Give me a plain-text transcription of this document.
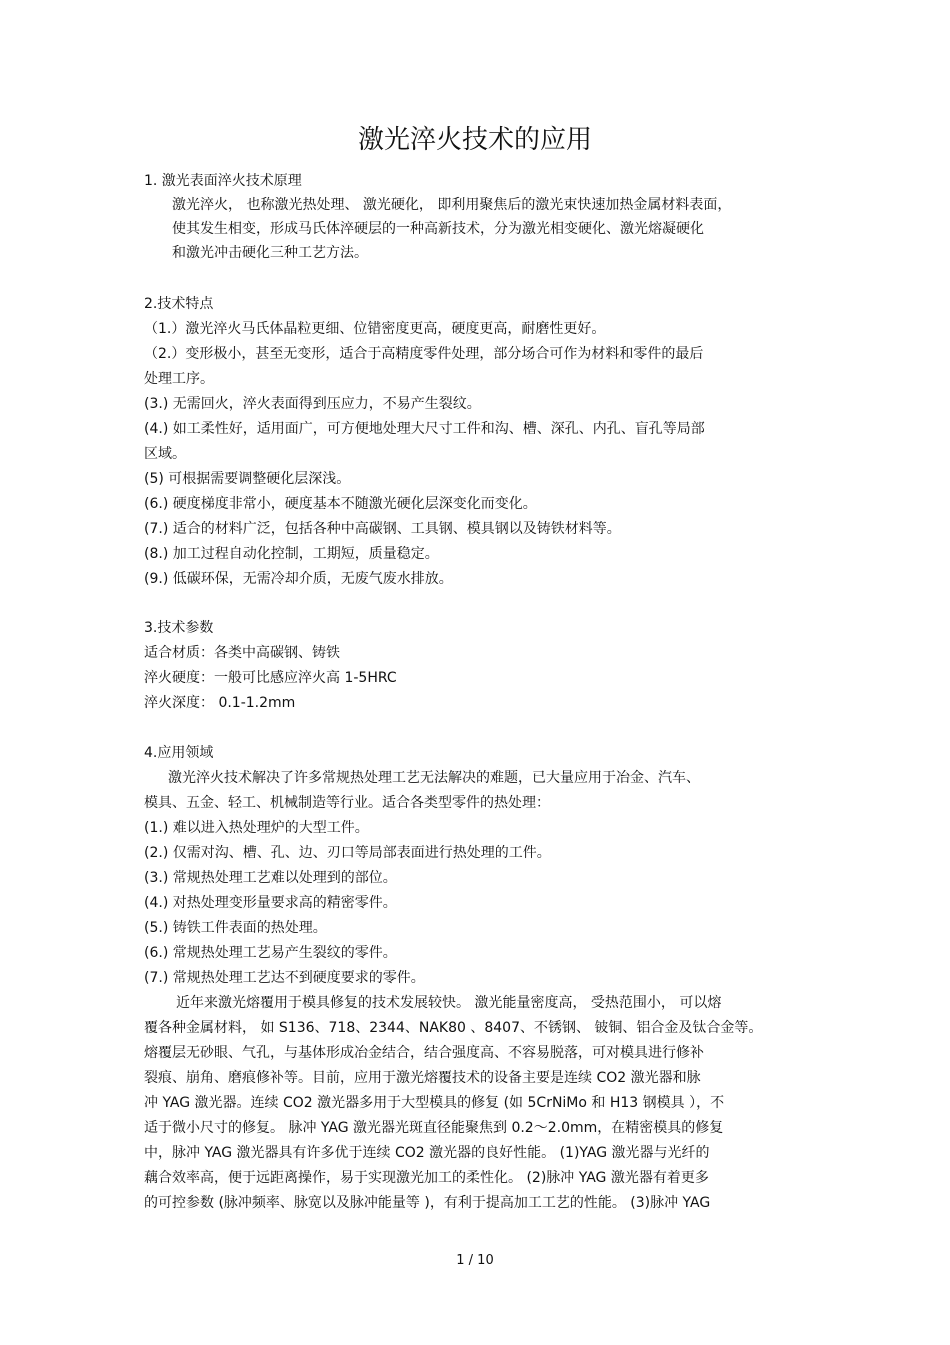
激光淬火技术的应用

1. 激光表面淬火技术原理

激光淬火， 也称激光热处理、 激光硬化， 即利用聚焦后的激光束快速加热金属材料表面，

使其发生相变，形成马氏体淬硬层的一种高新技术，分为激光相变硬化、激光熔凝硬化

和激光冲击硬化三种工艺方法。

2.技术特点

（1.）激光淬火马氏体晶粒更细、位错密度更高，硬度更高，耐磨性更好。

（2.）变形极小，甚至无变形，适合于高精度零件处理，部分场合可作为材料和零件的最后

处理工序。

(3.) 无需回火，淬火表面得到压应力，不易产生裂纹。

(4.) 如工柔性好，适用面广，可方便地处理大尺寸工件和沟、槽、深孔、内孔、盲孔等局部

区域。

(5) 可根据需要调整硬化层深浅。

(6.) 硬度梯度非常小，硬度基本不随激光硬化层深变化而变化。

(7.) 适合的材料广泛，包括各种中高碳钢、工具钢、模具钢以及铸铁材料等。

(8.) 加工过程自动化控制，工期短，质量稳定。

(9.) 低碳环保，无需冷却介质，无废气废水排放。

3.技术参数

适合材质：各类中高碳钢、铸铁

淬火硬度：一般可比感应淬火高 1-5HRC

淬火深度： 0.1-1.2mm

4.应用领域

激光淬火技术解决了许多常规热处理工艺无法解决的难题，已大量应用于冶金、汽车、

模具、五金、轻工、机械制造等行业。适合各类型零件的热处理：

(1.) 难以进入热处理炉的大型工件。

(2.) 仅需对沟、槽、孔、边、刃口等局部表面进行热处理的工件。

(3.) 常规热处理工艺难以处理到的部位。

(4.) 对热处理变形量要求高的精密零件。

(5.) 铸铁工件表面的热处理。

(6.) 常规热处理工艺易产生裂纹的零件。

(7.) 常规热处理工艺达不到硬度要求的零件。

近年来激光熔覆用于模具修复的技术发展较快。 激光能量密度高， 受热范围小， 可以熔

覆各种金属材料， 如 S136、718、2344、NAK80 、8407、不锈钢、 铍铜、铝合金及钛合金等。

熔覆层无砂眼、气孔，与基体形成冶金结合，结合强度高、不容易脱落，可对模具进行修补

裂痕、崩角、磨痕修补等。目前，应用于激光熔覆技术的设备主要是连续 CO2 激光器和脉

冲 YAG 激光器。连续 CO2 激光器多用于大型模具的修复 (如 5CrNiMo 和 H13 钢模具 ），不

适于微小尺寸的修复。 脉冲 YAG 激光器光斑直径能聚焦到 0.2～2.0mm，在精密模具的修复

中，脉冲 YAG 激光器具有许多优于连续 CO2 激光器的良好性能。 (1)YAG 激光器与光纤的

藕合效率高，便于远距离操作，易于实现激光加工的柔性化。 (2)脉冲 YAG 激光器有着更多

的可控参数 (脉冲频率、脉宽以及脉冲能量等 )，有利于提高加工工艺的性能。 (3)脉冲 YAG

1 / 10
